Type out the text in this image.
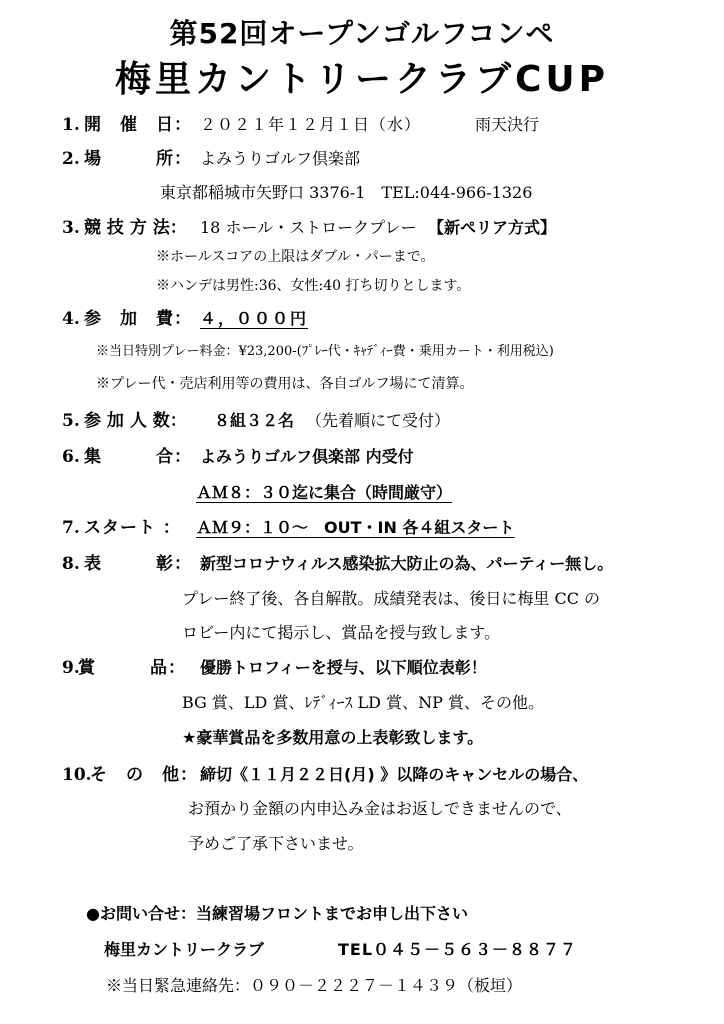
第52回オープンゴルフコンペ
梅里カントリークラブCUP
1. 開　催　日： ２０２１年１２月１日（水）	雨天決行
2. 場　　　所： よみうりゴルフ倶楽部
東京都稲城市矢野口 3376-1　TEL:044-966-1326
3. 競 技 方 法： 18 ホール・ストロークプレー 【新ペリア方式】
※ホールスコアの上限はダブル・パーまで。
※ハンデは男性:36、女性:40 打ち切りとします。
4. 参　加　費： ４，０００円
※当日特別プレー料金：¥23,200-(ﾌﾟﾚｰ代・ｷｬﾃﾞｨｰ費・乗用カート・利用税込)
※プレー代・売店利用等の費用は、各自ゴルフ場にて清算。
5. 参 加 人 数： ８組３２名 （先着順にて受付）
6. 集　　　合： よみうりゴルフ倶楽部 内受付
ＡＭ８：３０迄に集合（時間厳守）
7. スタート ： ＡＭ９：１０～　OUT・IN 各４組スタート
8. 表　　　彰： 新型コロナウィルス感染拡大防止の為、パーティー無し。
プレー終了後、各自解散。成績発表は、後日に梅里 CC の
ロビー内にて掲示し、賞品を授与致します。
9.
賞　　　品： 優勝トロフィーを授与、以下順位表彰！
BG 賞、LD 賞、ﾚﾃﾞｨｰｽ LD 賞、NP 賞、その他。
★豪華賞品を多数用意の上表彰致します。
10.
そ　の　他： 締切《１１月２２日(月) 》以降のキャンセルの場合、
お預かり金額の内申込み金はお返しできませんので、
予めご了承下さいませ。
●お問い合せ：当練習場フロントまでお申し出下さい
梅里カントリークラブ	TEL０４５－５６３－８８７７
※当日緊急連絡先：０９０－２２２７－１４３９（板垣）
